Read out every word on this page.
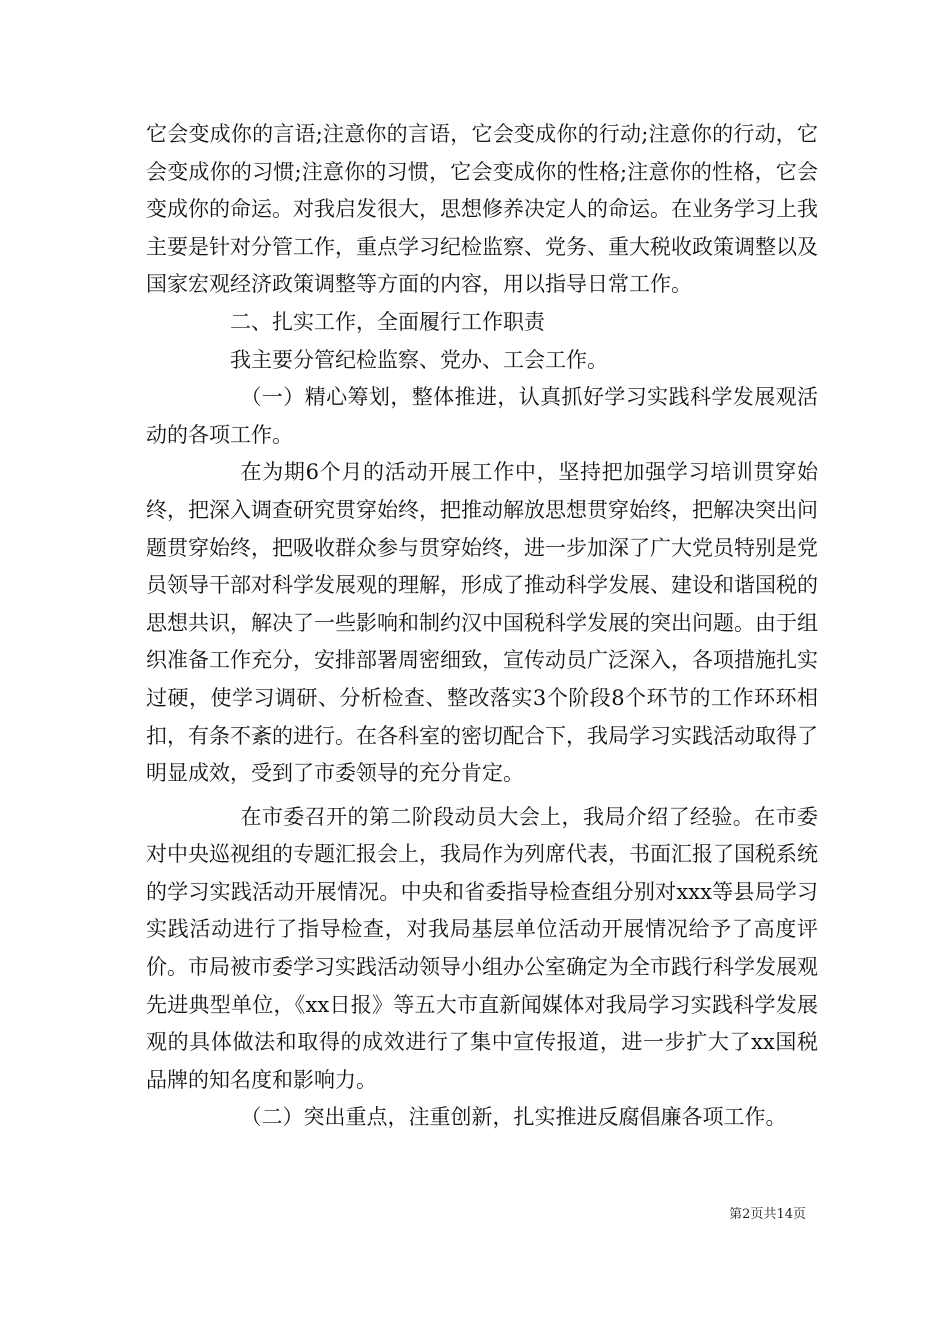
它会变成你的言语;注意你的言语，它会变成你的行动;注意你的行动，它会变成你的习惯;注意你的习惯，它会变成你的性格;注意你的性格，它会变成你的命运。对我启发很大，思想修养决定人的命运。在业务学习上我主要是针对分管工作，重点学习纪检监察、党务、重大税收政策调整以及国家宏观经济政策调整等方面的内容，用以指导日常工作。

二、扎实工作，全面履行工作职责

我主要分管纪检监察、党办、工会工作。

（一）精心筹划，整体推进，认真抓好学习实践科学发展观活动的各项工作。

在为期6个月的活动开展工作中，坚持把加强学习培训贯穿始终，把深入调查研究贯穿始终，把推动解放思想贯穿始终，把解决突出问题贯穿始终，把吸收群众参与贯穿始终，进一步加深了广大党员特别是党员领导干部对科学发展观的理解，形成了推动科学发展、建设和谐国税的思想共识，解决了一些影响和制约汉中国税科学发展的突出问题。由于组织准备工作充分，安排部署周密细致，宣传动员广泛深入，各项措施扎实过硬，使学习调研、分析检查、整改落实3个阶段8个环节的工作环环相扣，有条不紊的进行。在各科室的密切配合下，我局学习实践活动取得了明显成效，受到了市委领导的充分肯定。

在市委召开的第二阶段动员大会上，我局介绍了经验。在市委对中央巡视组的专题汇报会上，我局作为列席代表，书面汇报了国税系统的学习实践活动开展情况。中央和省委指导检查组分别对xxx等县局学习实践活动进行了指导检查，对我局基层单位活动开展情况给予了高度评价。市局被市委学习实践活动领导小组办公室确定为全市践行科学发展观先进典型单位，《xx日报》等五大市直新闻媒体对我局学习实践科学发展观的具体做法和取得的成效进行了集中宣传报道，进一步扩大了xx国税品牌的知名度和影响力。

（二）突出重点，注重创新，扎实推进反腐倡廉各项工作。

第2页共14页
